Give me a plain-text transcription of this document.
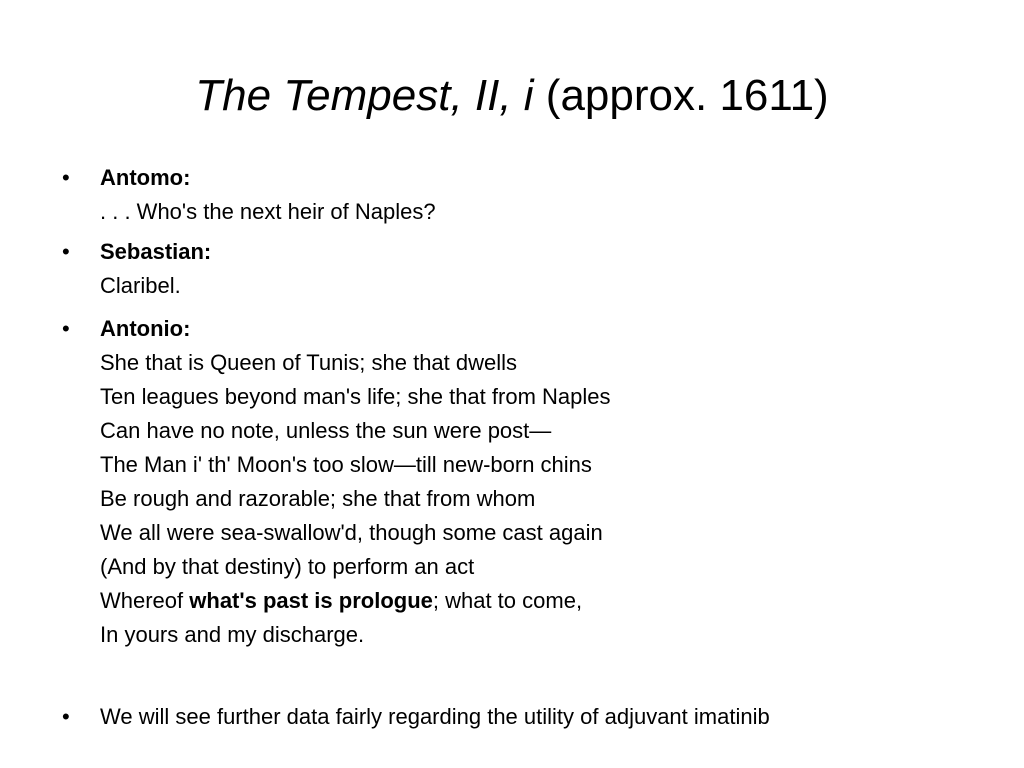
The Tempest, II, i (approx. 1611)
•	Antomo:
. . . Who's the next heir of Naples?
•	Sebastian:
Claribel.
•	Antonio:
She that is Queen of Tunis; she that dwells
Ten leagues beyond man's life; she that from Naples
Can have no note, unless the sun were post—
The Man i' th' Moon's too slow—till new-born chins
Be rough and razorable; she that from whom
We all were sea-swallow'd, though some cast again
(And by that destiny) to perform an act
Whereof what's past is prologue; what to come,
In yours and my discharge.
•	We will see further data fairly regarding the utility of adjuvant imatinib
